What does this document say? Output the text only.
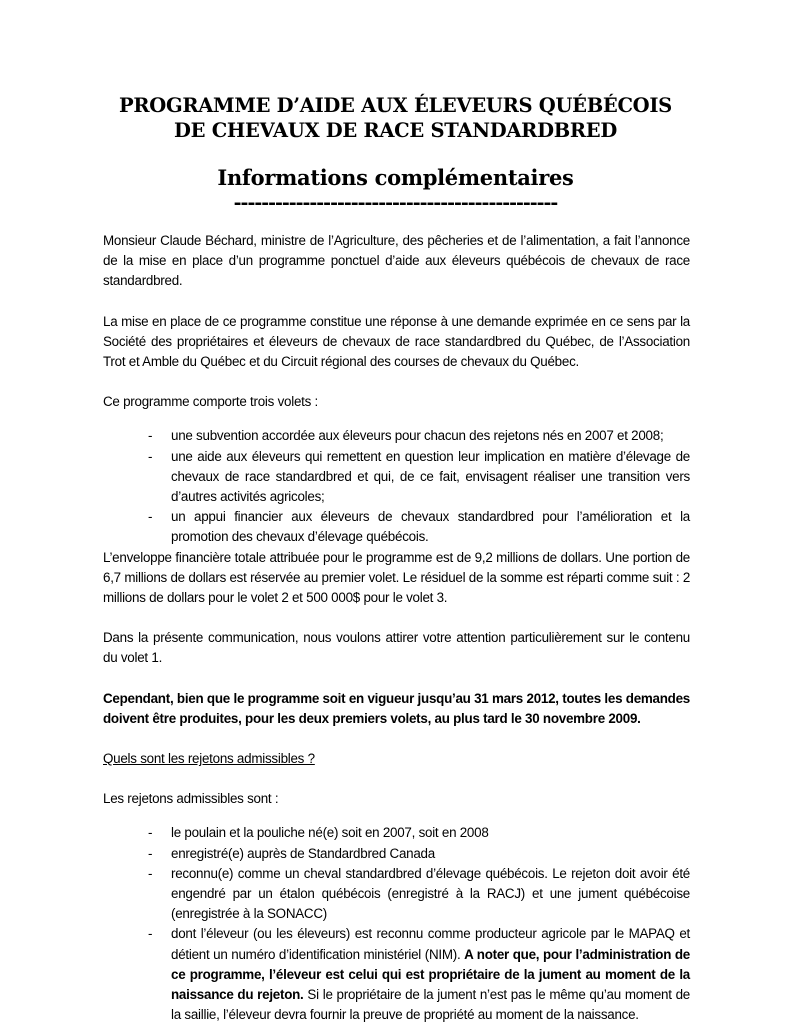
PROGRAMME D’AIDE AUX ÉLEVEURS QUÉBÉCOIS
DE CHEVAUX DE RACE STANDARDBRED
Informations complémentaires
-----------------------------------------------

Monsieur Claude Béchard, ministre de l’Agriculture, des pêcheries et de l’alimentation, a fait l’annonce de la mise en place d’un programme ponctuel d’aide aux éleveurs québécois de chevaux de race standardbred.

La mise en place de ce programme constitue une réponse à une demande exprimée en ce sens par la Société des propriétaires et éleveurs de chevaux de race standardbred du Québec, de l’Association Trot et Amble du Québec et du Circuit régional des courses de chevaux du Québec.

Ce programme comporte trois volets :

- une subvention accordée aux éleveurs pour chacun des rejetons nés en 2007 et 2008;
- une aide aux éleveurs qui remettent en question leur implication en matière d’élevage de chevaux de race standardbred et qui, de ce fait, envisagent réaliser une transition vers d’autres activités agricoles;
- un appui financier aux éleveurs de chevaux standardbred pour l’amélioration et la promotion des chevaux d’élevage québécois.

L’enveloppe financière totale attribuée pour le programme est de 9,2 millions de dollars. Une portion de 6,7 millions de dollars est réservée au premier volet. Le résiduel de la somme est réparti comme suit : 2 millions de dollars pour le volet 2 et 500 000$ pour le volet 3.

Dans la présente communication, nous voulons attirer votre attention particulièrement sur le contenu du volet 1.

Cependant, bien que le programme soit en vigueur jusqu’au 31 mars 2012, toutes les demandes doivent être produites, pour les deux premiers volets, au plus tard le 30 novembre 2009.

Quels sont les rejetons admissibles ?

Les rejetons admissibles sont :

- le poulain et la pouliche né(e) soit en 2007, soit en 2008
- enregistré(e) auprès de Standardbred Canada
- reconnu(e) comme un cheval standardbred d’élevage québécois. Le rejeton doit avoir été engendré par un étalon québécois (enregistré à la RACJ) et une jument québécoise (enregistrée à la SONACC)
- dont l’éleveur (ou les éleveurs) est reconnu comme producteur agricole par le MAPAQ et détient un numéro d’identification ministériel (NIM). A noter que, pour l’administration de ce programme, l’éleveur est celui qui est propriétaire de la jument au moment de la naissance du rejeton. Si le propriétaire de la jument n’est pas le même qu’au moment de la saillie, l’éleveur devra fournir la preuve de propriété au moment de la naissance.
